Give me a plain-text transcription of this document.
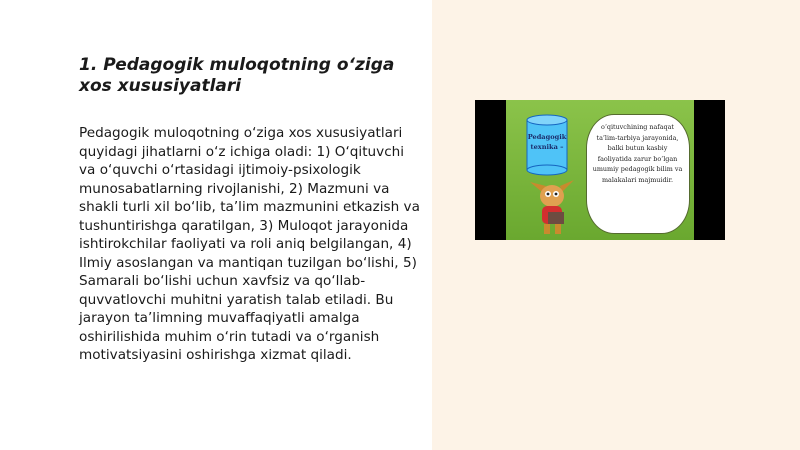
1. Pedagogik muloqotning o‘ziga xos xususiyatlari

Pedagogik muloqotning o‘ziga xos xususiyatlari quyidagi jihatlarni o‘z ichiga oladi: 1) O‘qituvchi va o‘quvchi o‘rtasidagi ijtimoiy-psixologik munosabatlarning rivojlanishi, 2) Mazmuni va shakli turli xil bo‘lib, ta’lim mazmunini etkazish va tushuntirishga qaratilgan, 3) Muloqot jarayonida ishtirokchilar faoliyati va roli aniq belgilangan, 4) Ilmiy asoslangan va mantiqan tuzilgan bo‘lishi, 5) Samarali bo‘lishi uchun xavfsiz va qo‘llab-quvvatlovchi muhitni yaratish talab etiladi. Bu jarayon ta’limning muvaffaqiyatli amalga oshirilishida muhim o‘rin tutadi va o‘rganish motivatsiyasini oshirishga xizmat qiladi.

Pedagogik texnika –

o‘qituvchining nafaqat ta’lim-tarbiya jarayonida, balki butun kasbiy faoliyatida zarur bo‘lgan umumiy pedagogik bilim va malakalari majmuidir.
